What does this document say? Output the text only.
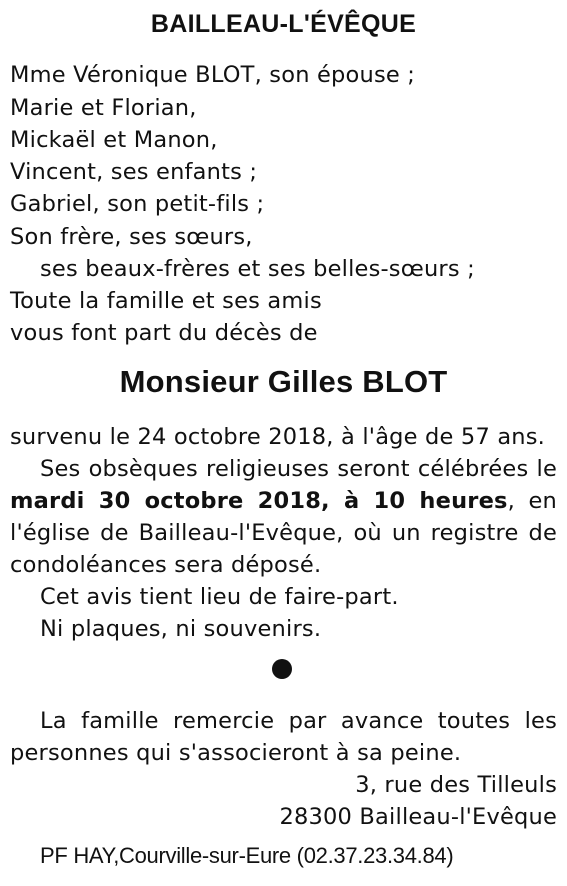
BAILLEAU-L'ÉVÊQUE
Mme Véronique BLOT, son épouse ;
Marie et Florian,
Mickaël et Manon,
Vincent, ses enfants ;
Gabriel, son petit-fils ;
Son frère, ses sœurs,
ses beaux-frères et ses belles-sœurs ;
Toute la famille et ses amis
vous font part du décès de
Monsieur Gilles BLOT
survenu le 24 octobre 2018, à l'âge de 57 ans.
Ses obsèques religieuses seront célébrées le
mardi 30 octobre 2018, à 10 heures, en
l'église de Bailleau-l'Evêque, où un registre de
condoléances sera déposé.
Cet avis tient lieu de faire-part.
Ni plaques, ni souvenirs.
La famille remercie par avance toutes les
personnes qui s'associeront à sa peine.
3, rue des Tilleuls
28300 Bailleau-l'Evêque
PF HAY,Courville-sur-Eure (02.37.23.34.84)
